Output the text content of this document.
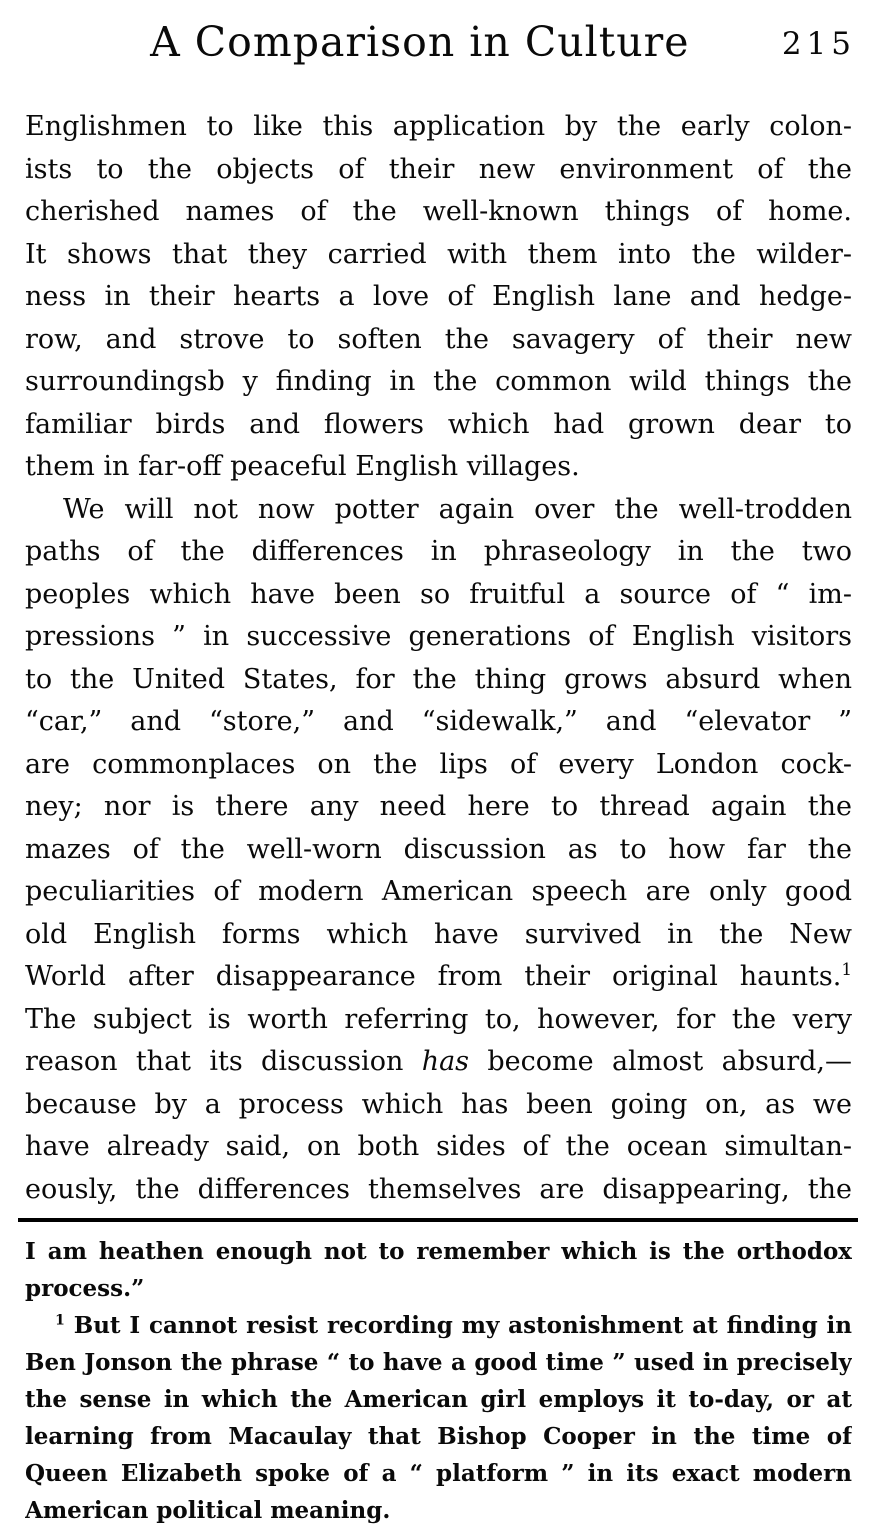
A Comparison in Culture	215
Englishmen to like this application by the early colon-
ists to the objects of their new environment of the
cherished names of the well-known things of home.
It shows that they carried with them into the wilder-
ness in their hearts a love of English lane and hedge-
row, and strove to soften the savagery of their new
surroundingsb y finding in the common wild things the
familiar birds and flowers which had grown dear to
them in far-off peaceful English villages.
We will not now potter again over the well-trodden
paths of the differences in phraseology in the two
peoples which have been so fruitful a source of “ im-
pressions ” in successive generations of English visitors
to the United States, for the thing grows absurd when
“car,” and “store,” and “sidewalk,” and “elevator ”
are commonplaces on the lips of every London cock-
ney; nor is there any need here to thread again the
mazes of the well-worn discussion as to how far the
peculiarities of modern American speech are only good
old English forms which have survived in the New
World after disappearance from their original haunts.$^1$
The subject is worth referring to, however, for the very
reason that its discussion has become almost absurd,—
because by a process which has been going on, as we
have already said, on both sides of the ocean simultan-
eously, the differences themselves are disappearing, the
I am heathen enough not to remember which is the orthodox
process.”
$^1$ But I cannot resist recording my astonishment at finding in
Ben Jonson the phrase “ to have a good time ” used in precisely
the sense in which the American girl employs it to-day, or at
learning from Macaulay that Bishop Cooper in the time of
Queen Elizabeth spoke of a “ platform ” in its exact modern
American political meaning.
